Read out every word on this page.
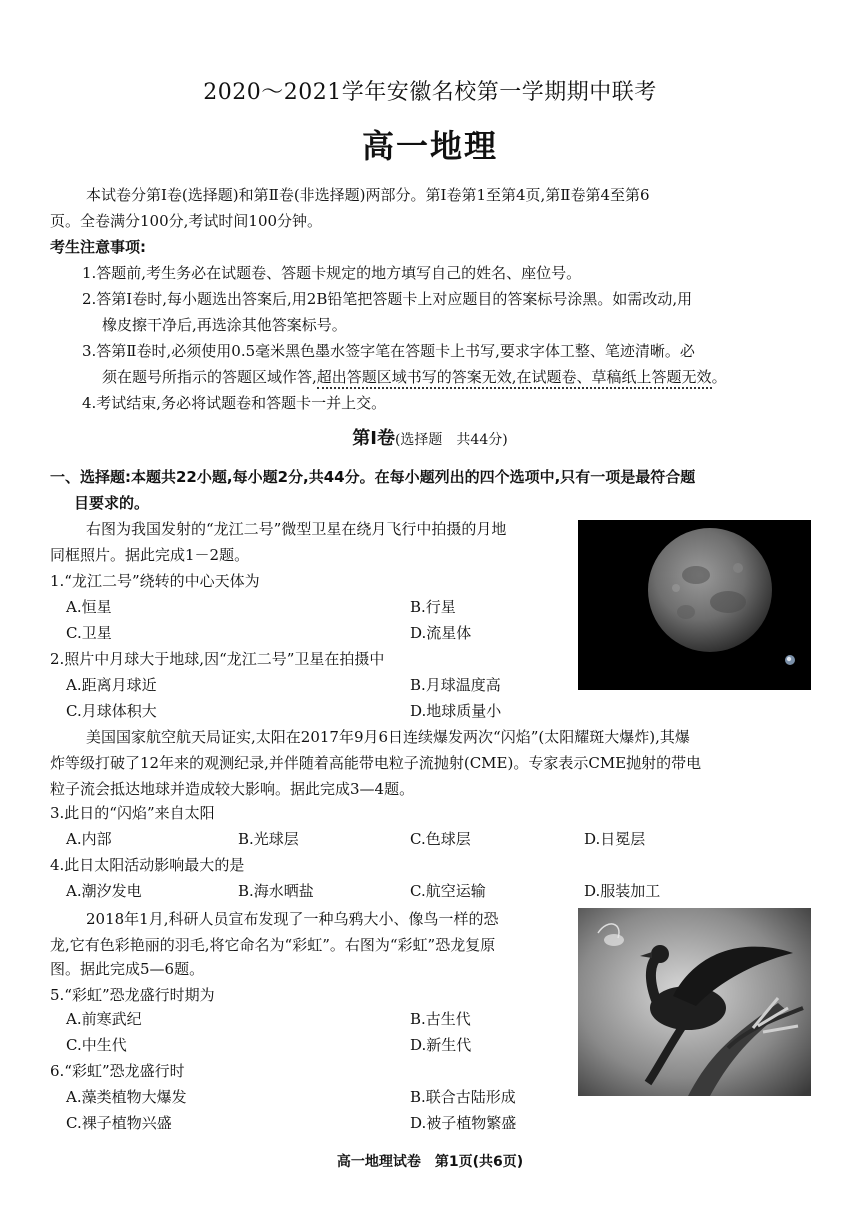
2020～2021学年安徽名校第一学期期中联考
高一地理
本试卷分第Ⅰ卷(选择题)和第Ⅱ卷(非选择题)两部分。第Ⅰ卷第1至第4页,第Ⅱ卷第4至第6
页。全卷满分100分,考试时间100分钟。
考生注意事项:
1.答题前,考生务必在试题卷、答题卡规定的地方填写自己的姓名、座位号。
2.答第Ⅰ卷时,每小题选出答案后,用2B铅笔把答题卡上对应题目的答案标号涂黑。如需改动,用
橡皮擦干净后,再选涂其他答案标号。
3.答第Ⅱ卷时,必须使用0.5毫米黑色墨水签字笔在答题卡上书写,要求字体工整、笔迹清晰。必
须在题号所指示的答题区域作答,超出答题区域书写的答案无效,在试题卷、草稿纸上答题无效。
4.考试结束,务必将试题卷和答题卡一并上交。
第Ⅰ卷(选择题　共44分)
一、选择题:本题共22小题,每小题2分,共44分。在每小题列出的四个选项中,只有一项是最符合题
目要求的。
右图为我国发射的“龙江二号”微型卫星在绕月飞行中拍摄的月地
同框照片。据此完成1－2题。
1.“龙江二号”绕转的中心天体为
A.恒星	B.行星
C.卫星	D.流星体
2.照片中月球大于地球,因“龙江二号”卫星在拍摄中
A.距离月球近	B.月球温度高
C.月球体积大	D.地球质量小
美国国家航空航天局证实,太阳在2017年9月6日连续爆发两次“闪焰”(太阳耀斑大爆炸),其爆
炸等级打破了12年来的观测纪录,并伴随着高能带电粒子流抛射(CME)。专家表示CME抛射的带电
粒子流会抵达地球并造成较大影响。据此完成3—4题。
3.此日的“闪焰”来自太阳
A.内部	B.光球层	C.色球层	D.日冕层
4.此日太阳活动影响最大的是
A.潮汐发电	B.海水晒盐	C.航空运输	D.服装加工
2018年1月,科研人员宣布发现了一种乌鸦大小、像鸟一样的恐
龙,它有色彩艳丽的羽毛,将它命名为“彩虹”。右图为“彩虹”恐龙复原
图。据此完成5—6题。
5.“彩虹”恐龙盛行时期为
A.前寒武纪	B.古生代
C.中生代	D.新生代
6.“彩虹”恐龙盛行时
A.藻类植物大爆发	B.联合古陆形成
C.裸子植物兴盛	D.被子植物繁盛
高一地理试卷　第1页(共6页)
